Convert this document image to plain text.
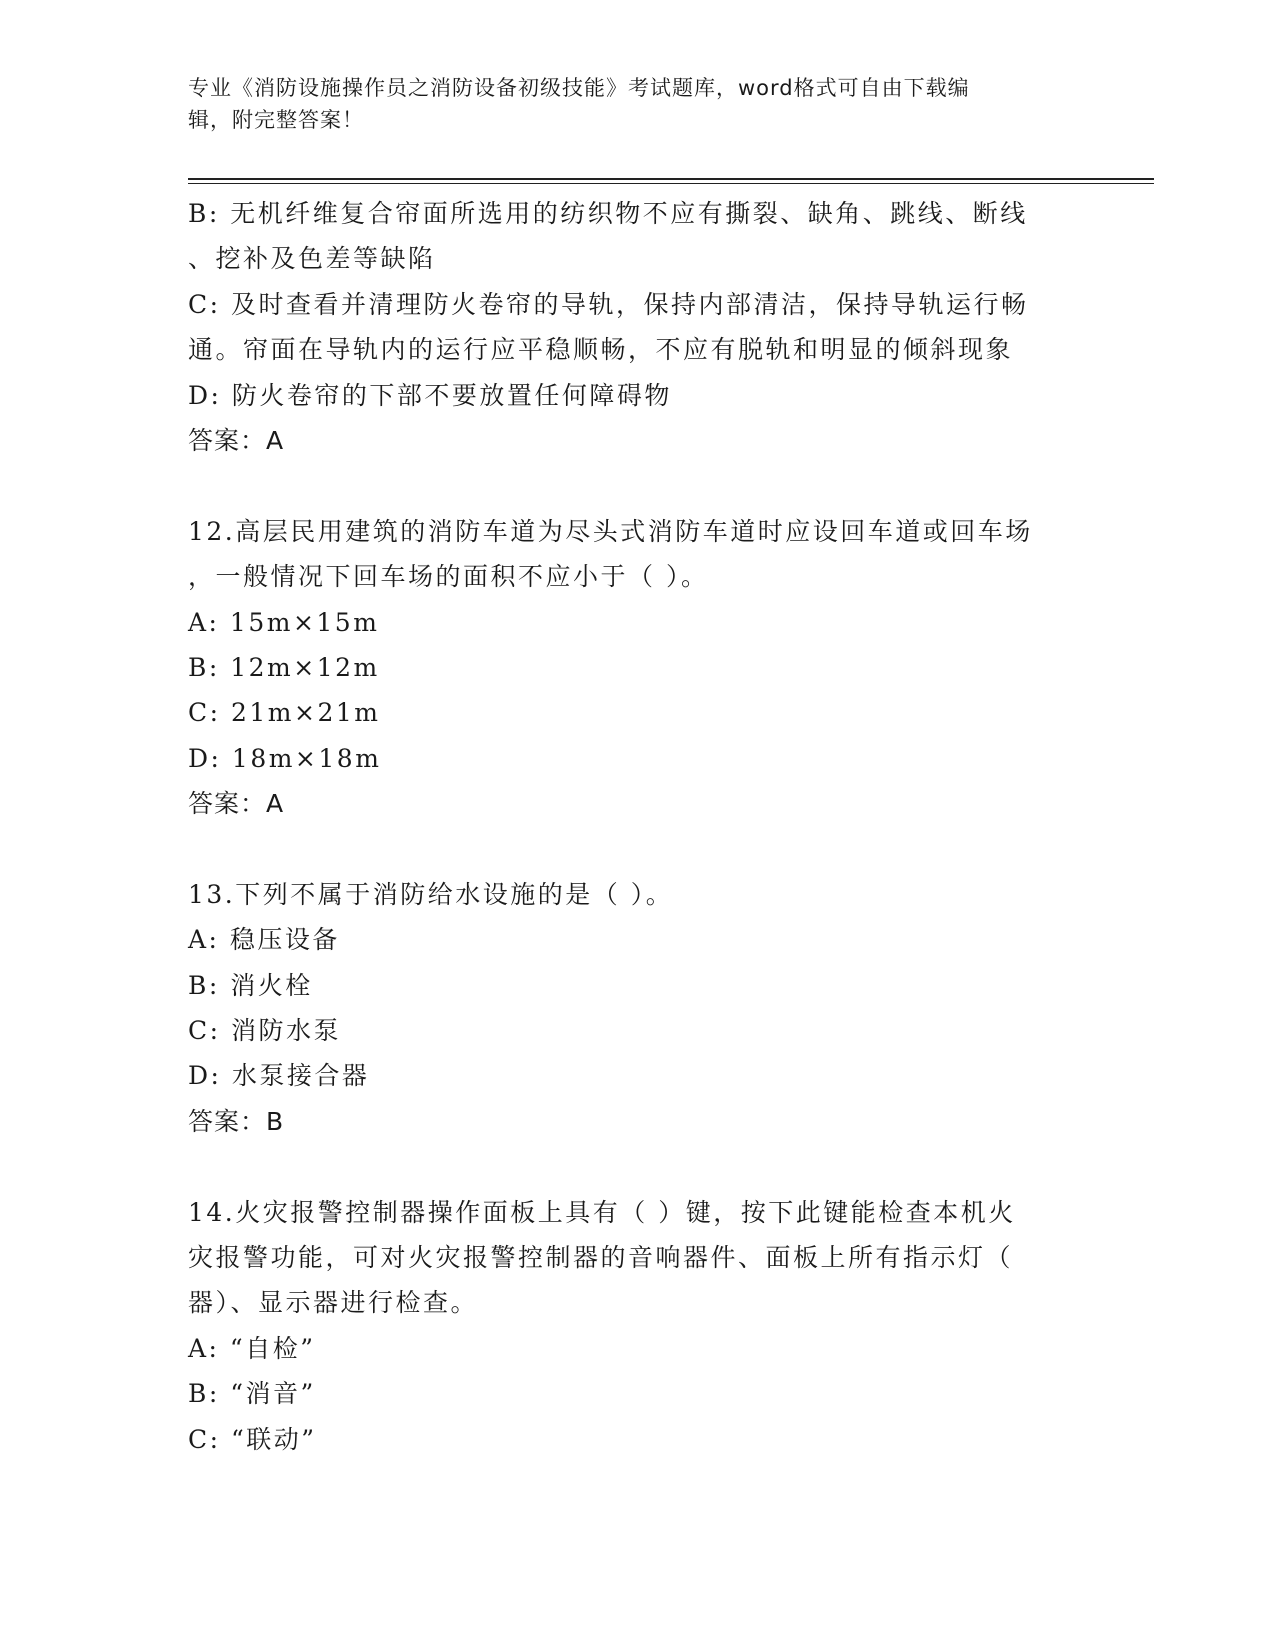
专业《消防设施操作员之消防设备初级技能》考试题库，word格式可自由下载编
辑，附完整答案！
B: 无机纤维复合帘面所选用的纺织物不应有撕裂、缺角、跳线、断线
、挖补及色差等缺陷
C: 及时查看并清理防火卷帘的导轨，保持内部清洁，保持导轨运行畅
通。帘面在导轨内的运行应平稳顺畅，不应有脱轨和明显的倾斜现象
D: 防火卷帘的下部不要放置任何障碍物
答案：A
12.高层民用建筑的消防车道为尽头式消防车道时应设回车道或回车场
，一般情况下回车场的面积不应小于（ ）。
A: 15m×15m
B: 12m×12m
C: 21m×21m
D: 18m×18m
答案：A
13.下列不属于消防给水设施的是（ ）。
A: 稳压设备
B: 消火栓
C: 消防水泵
D: 水泵接合器
答案：B
14.火灾报警控制器操作面板上具有（ ）键，按下此键能检查本机火
灾报警功能，可对火灾报警控制器的音响器件、面板上所有指示灯（
器）、显示器进行检查。
A: “自检”
B: “消音”
C: “联动”
